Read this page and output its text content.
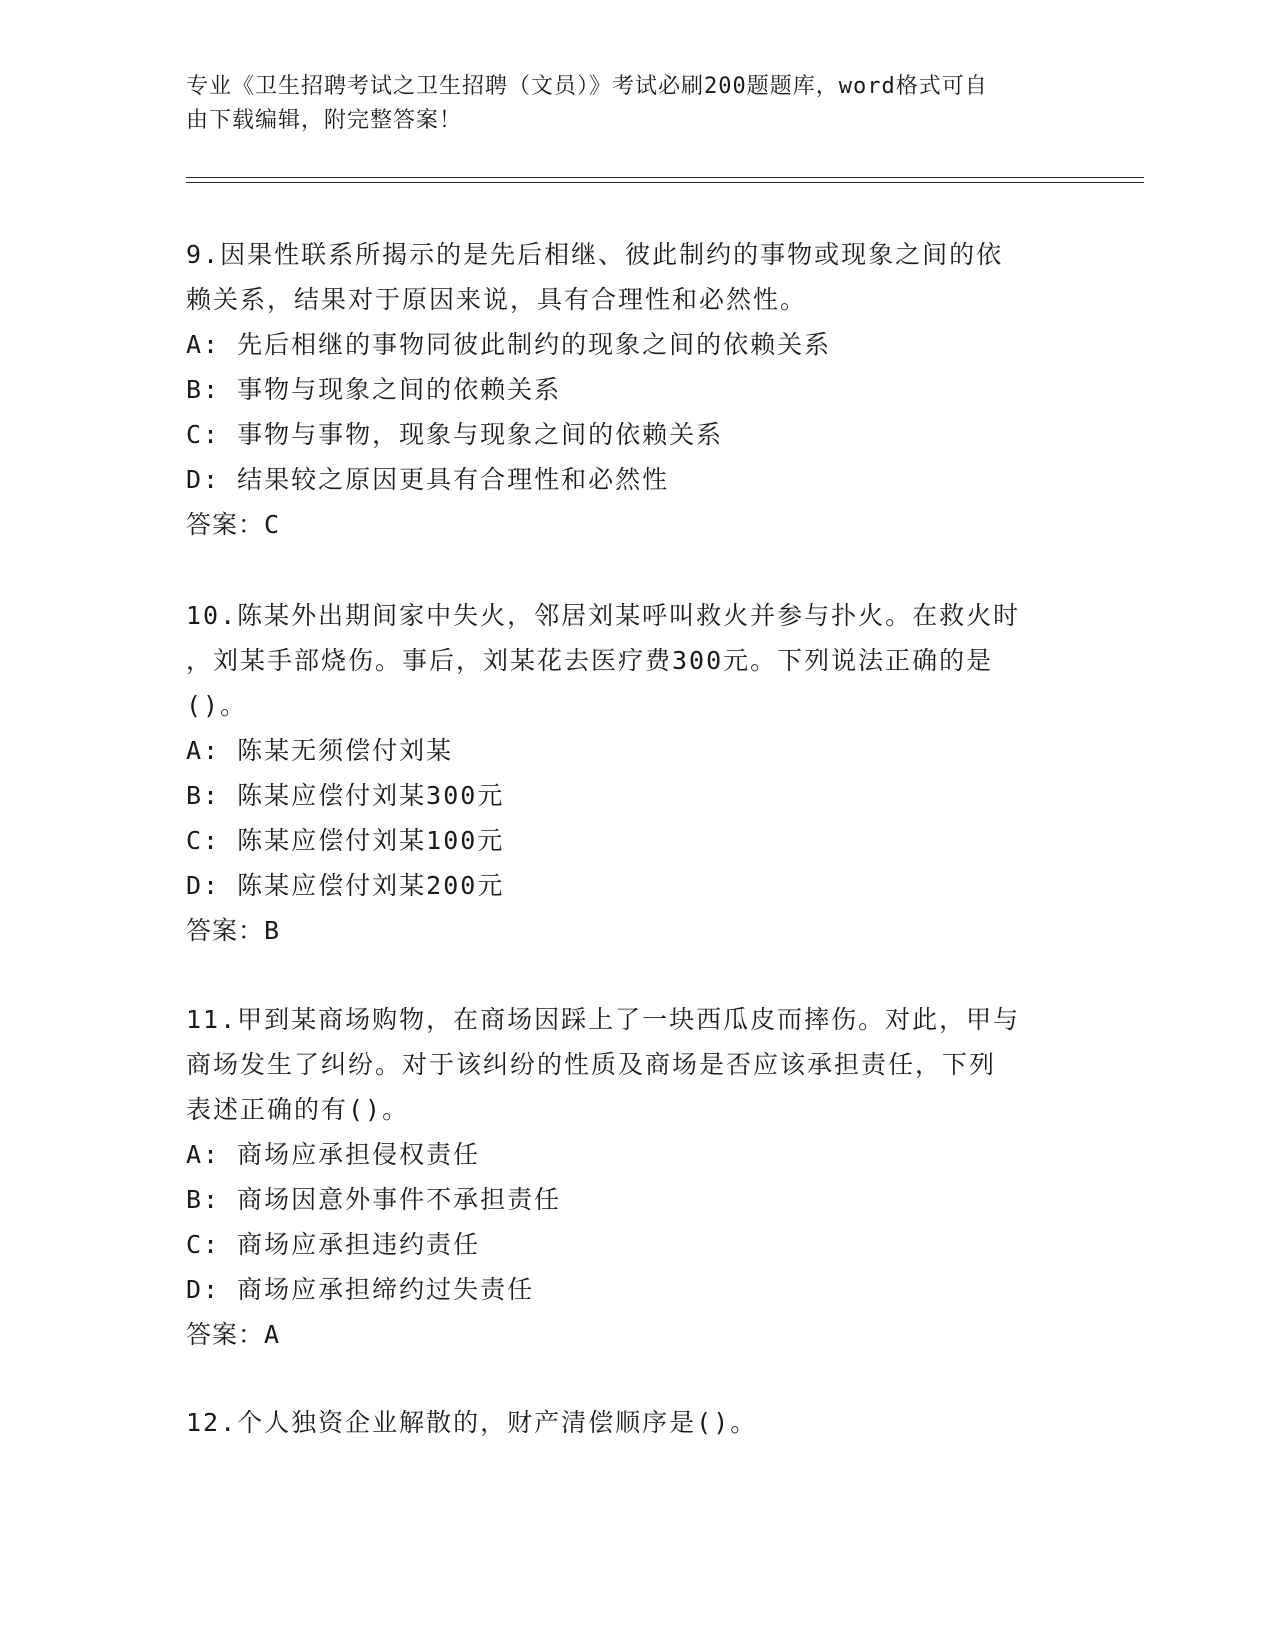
专业《卫生招聘考试之卫生招聘（文员）》考试必刷200题题库，word格式可自
由下载编辑，附完整答案！
9.因果性联系所揭示的是先后相继、彼此制约的事物或现象之间的依
赖关系，结果对于原因来说，具有合理性和必然性。
A: 先后相继的事物同彼此制约的现象之间的依赖关系
B: 事物与现象之间的依赖关系
C: 事物与事物，现象与现象之间的依赖关系
D: 结果较之原因更具有合理性和必然性
答案：C
10.陈某外出期间家中失火，邻居刘某呼叫救火并参与扑火。在救火时
，刘某手部烧伤。事后，刘某花去医疗费300元。下列说法正确的是
()。
A: 陈某无须偿付刘某
B: 陈某应偿付刘某300元
C: 陈某应偿付刘某100元
D: 陈某应偿付刘某200元
答案：B
11.甲到某商场购物，在商场因踩上了一块西瓜皮而摔伤。对此，甲与
商场发生了纠纷。对于该纠纷的性质及商场是否应该承担责任，下列
表述正确的有()。
A: 商场应承担侵权责任
B: 商场因意外事件不承担责任
C: 商场应承担违约责任
D: 商场应承担缔约过失责任
答案：A
12.个人独资企业解散的，财产清偿顺序是()。
